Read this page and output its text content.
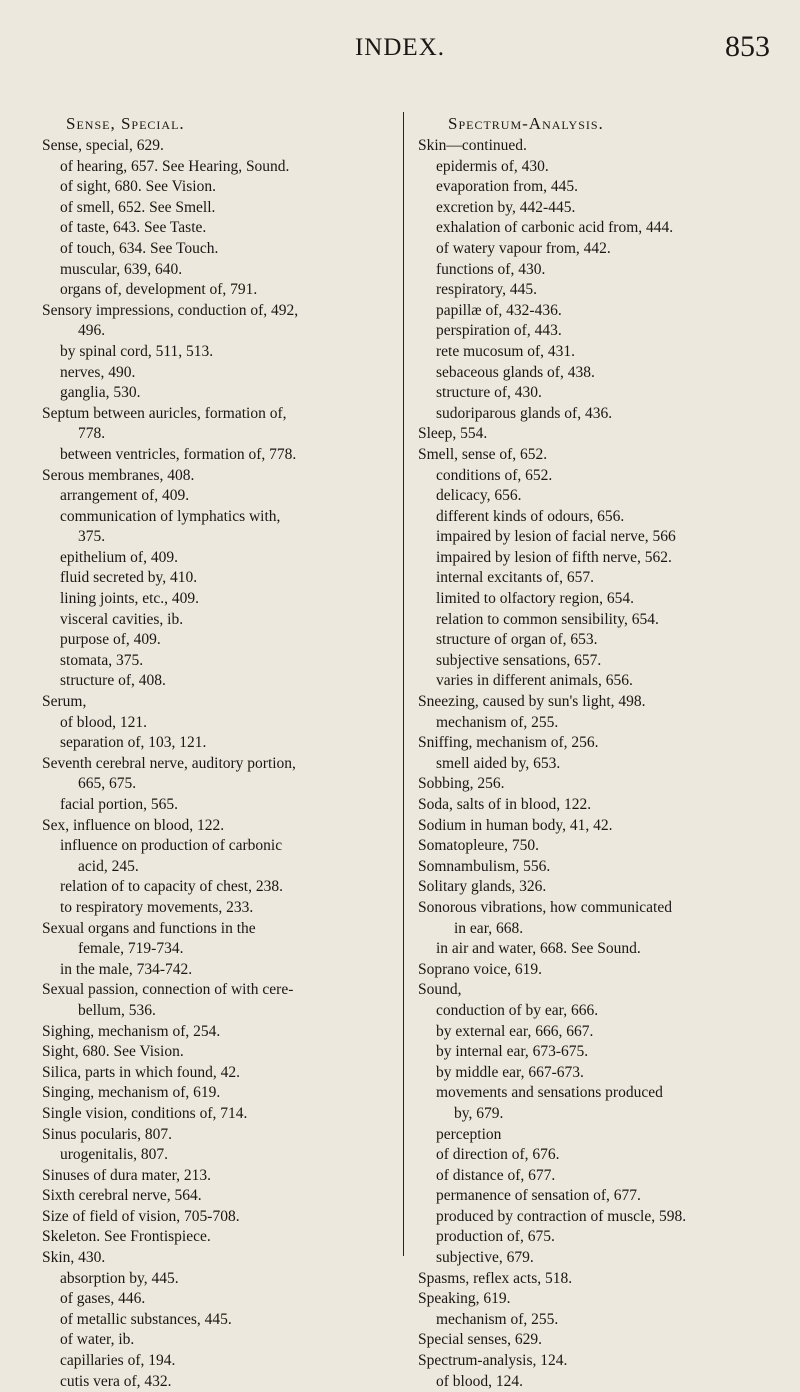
INDEX.	853
Sense, Special.
Sense, special, 629.
of hearing, 657. See Hearing, Sound.
of sight, 680. See Vision.
of smell, 652. See Smell.
of taste, 643. See Taste.
of touch, 634. See Touch.
muscular, 639, 640.
organs of, development of, 791.
Sensory impressions, conduction of, 492,
496.
by spinal cord, 511, 513.
nerves, 490.
ganglia, 530.
Septum between auricles, formation of,
778.
between ventricles, formation of, 778.
Serous membranes, 408.
arrangement of, 409.
communication of lymphatics with,
375.
epithelium of, 409.
fluid secreted by, 410.
lining joints, etc., 409.
visceral cavities, ib.
purpose of, 409.
stomata, 375.
structure of, 408.
Serum,
of blood, 121.
separation of, 103, 121.
Seventh cerebral nerve, auditory portion,
665, 675.
facial portion, 565.
Sex, influence on blood, 122.
influence on production of carbonic
acid, 245.
relation of to capacity of chest, 238.
to respiratory movements, 233.
Sexual organs and functions in the
female, 719-734.
in the male, 734-742.
Sexual passion, connection of with cere-
bellum, 536.
Sighing, mechanism of, 254.
Sight, 680. See Vision.
Silica, parts in which found, 42.
Singing, mechanism of, 619.
Single vision, conditions of, 714.
Sinus pocularis, 807.
urogenitalis, 807.
Sinuses of dura mater, 213.
Sixth cerebral nerve, 564.
Size of field of vision, 705-708.
Skeleton. See Frontispiece.
Skin, 430.
absorption by, 445.
of gases, 446.
of metallic substances, 445.
of water, ib.
capillaries of, 194.
cutis vera of, 432.
Spectrum-Analysis.
Skin—continued.
epidermis of, 430.
evaporation from, 445.
excretion by, 442-445.
exhalation of carbonic acid from, 444.
of watery vapour from, 442.
functions of, 430.
respiratory, 445.
papillæ of, 432-436.
perspiration of, 443.
rete mucosum of, 431.
sebaceous glands of, 438.
structure of, 430.
sudoriparous glands of, 436.
Sleep, 554.
Smell, sense of, 652.
conditions of, 652.
delicacy, 656.
different kinds of odours, 656.
impaired by lesion of facial nerve, 566
impaired by lesion of fifth nerve, 562.
internal excitants of, 657.
limited to olfactory region, 654.
relation to common sensibility, 654.
structure of organ of, 653.
subjective sensations, 657.
varies in different animals, 656.
Sneezing, caused by sun's light, 498.
mechanism of, 255.
Sniffing, mechanism of, 256.
smell aided by, 653.
Sobbing, 256.
Soda, salts of in blood, 122.
Sodium in human body, 41, 42.
Somatopleure, 750.
Somnambulism, 556.
Solitary glands, 326.
Sonorous vibrations, how communicated
in ear, 668.
in air and water, 668. See Sound.
Soprano voice, 619.
Sound,
conduction of by ear, 666.
by external ear, 666, 667.
by internal ear, 673-675.
by middle ear, 667-673.
movements and sensations produced
by, 679.
perception
of direction of, 676.
of distance of, 677.
permanence of sensation of, 677.
produced by contraction of muscle, 598.
production of, 675.
subjective, 679.
Spasms, reflex acts, 518.
Speaking, 619.
mechanism of, 255.
Special senses, 629.
Spectrum-analysis, 124.
of blood, 124.
